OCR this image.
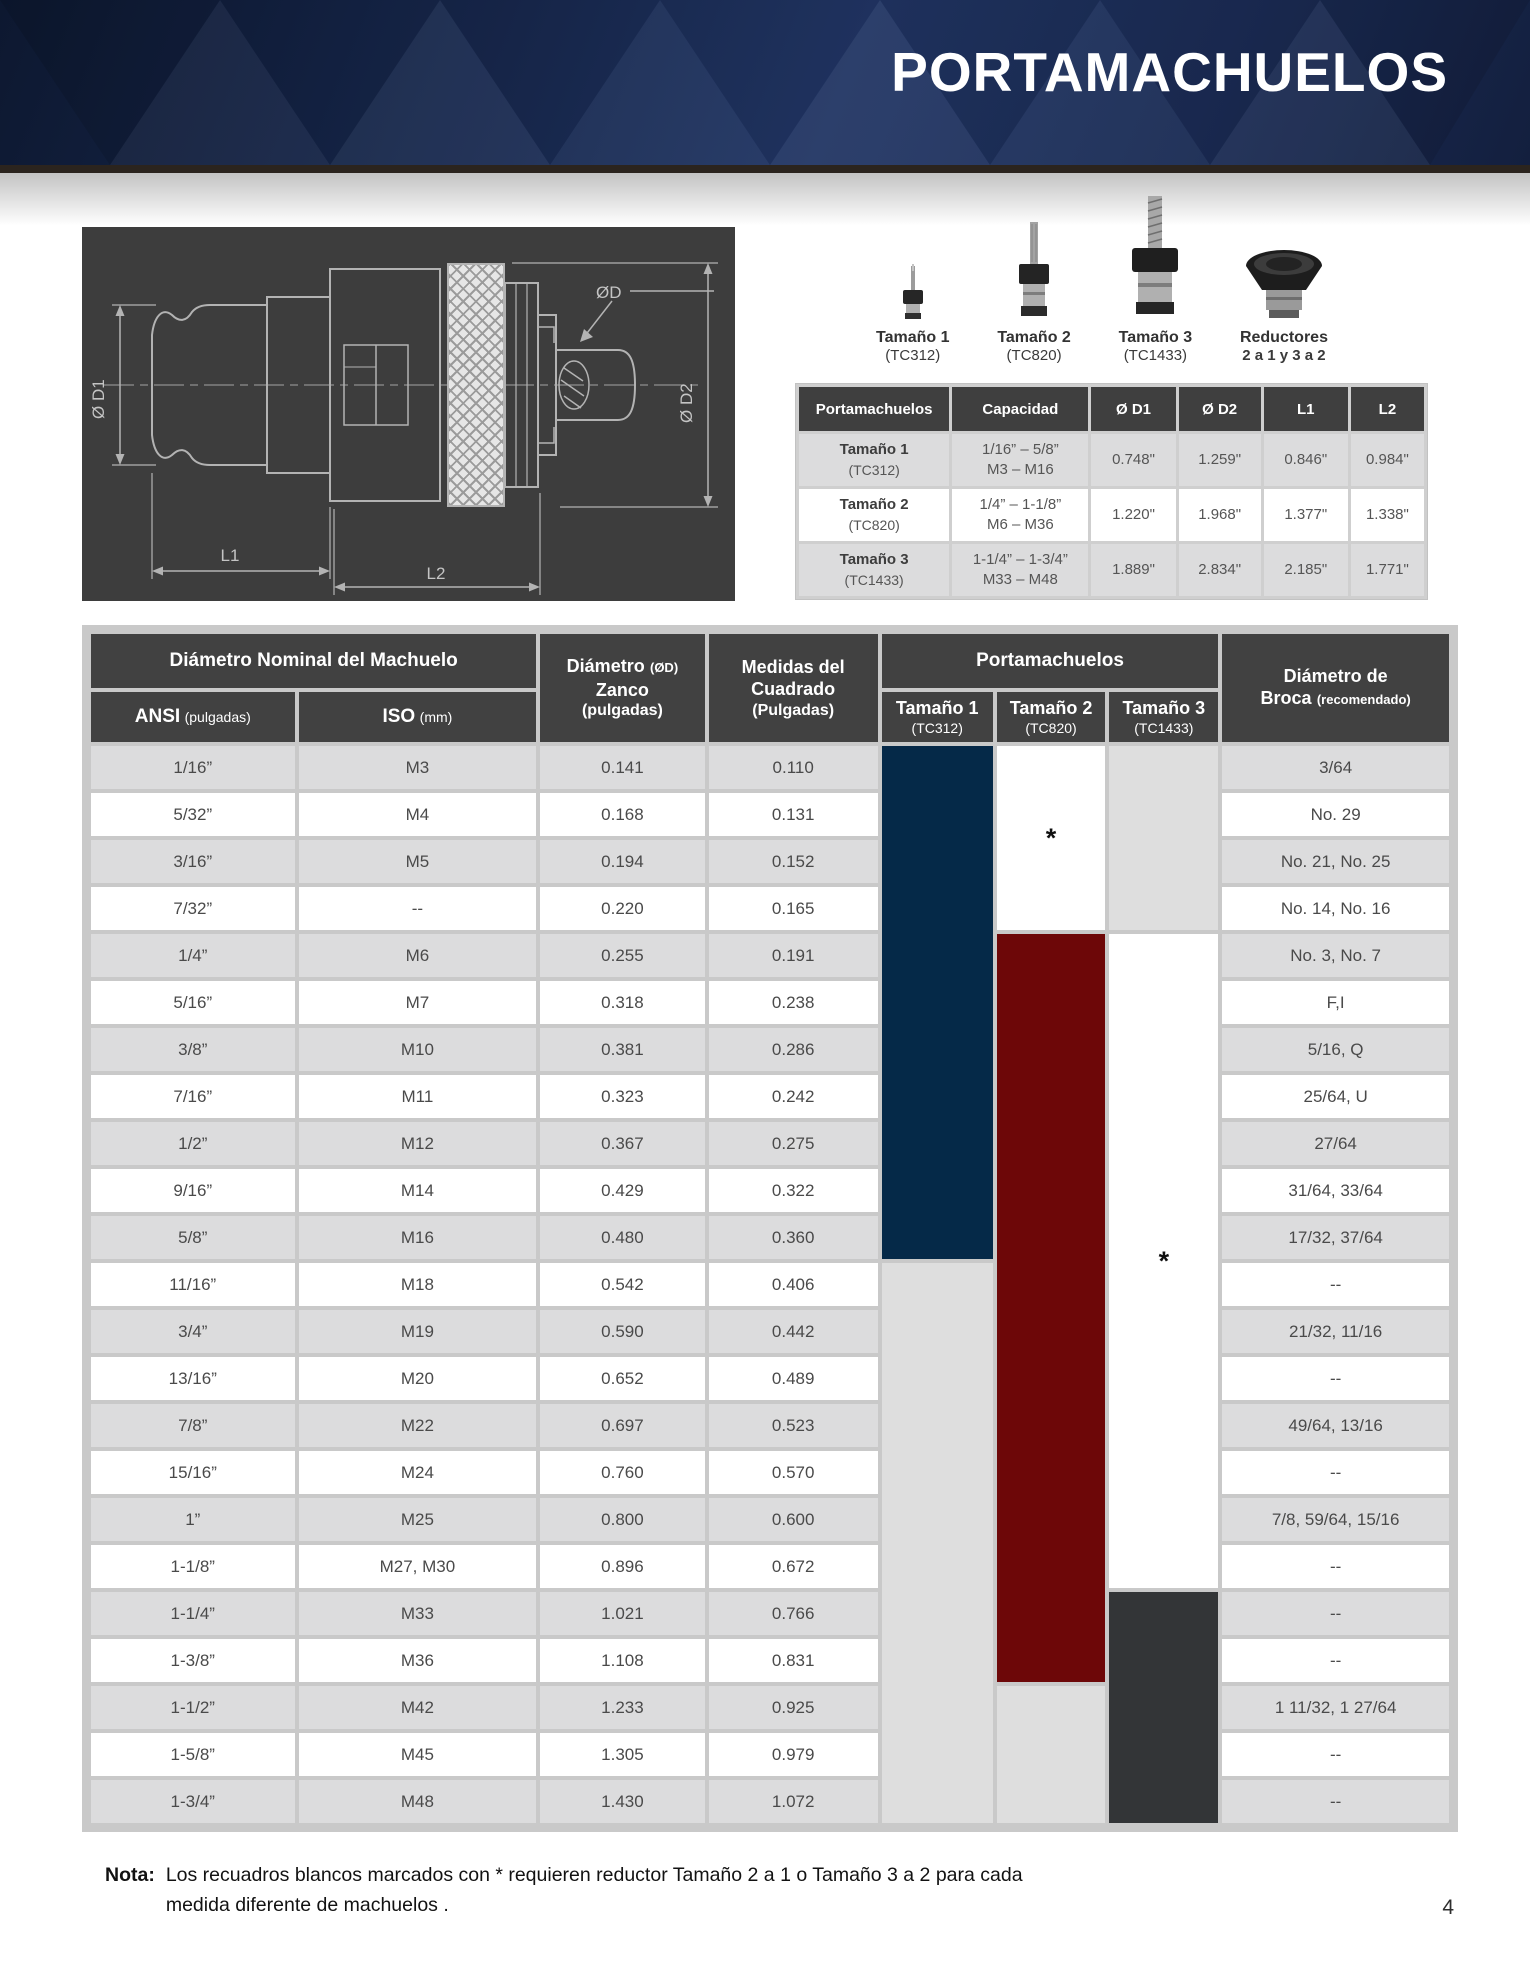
PORTAMACHUELOS
Ø D1	Ø D2
ØD
L1
L2
Tamaño 1
(TC312)
Tamaño 2
(TC820)
Tamaño 3
(TC1433)
Reductores
2 a 1 y 3 a 2
Portamachuelos	Capacidad	Ø D1	Ø D2	L1	L2

Tamaño 1
(TC312)

1/16” – 5/8”
M3 – M16
	0.748"	1.259"	0.846"	0.984"

Tamaño 2
(TC820)

1/4” – 1-1/8”
M6 – M36
	1.220"	1.968"	1.377"	1.338"

Tamaño 3
(TC1433)

1-1/4” – 1-3/4”
M33 – M48
	1.889"	2.834"	2.185"	1.771"
Diámetro Nominal del Machuelo	Diámetro (ØD)
Zanco
(pulgadas)

Medidas del
Cuadrado
(Pulgadas)
	Portamachuelos	
Diámetro de
Broca (recomendado)

ANSI (pulgadas)	ISO (mm)	Tamaño 1
(TC312)

Tamaño 2
(TC820)

Tamaño 3
(TC1433)

1/16”	M3	0.141	0.110		*		3/64
5/32”	M4	0.168	0.131				No. 29
3/16”	M5	0.194	0.152				No. 21, No. 25
7/32”	--	0.220	0.165				No. 14, No. 16
1/4”	M6	0.255	0.191			*	No. 3, No. 7
5/16”	M7	0.318	0.238				F,I
3/8”	M10	0.381	0.286				5/16, Q
7/16”	M11	0.323	0.242				25/64, U
1/2”	M12	0.367	0.275				27/64
9/16”	M14	0.429	0.322				31/64, 33/64
5/8”	M16	0.480	0.360				17/32, 37/64
11/16”	M18	0.542	0.406				--
3/4”	M19	0.590	0.442				21/32, 11/16
13/16”	M20	0.652	0.489				--
7/8”	M22	0.697	0.523				49/64, 13/16
15/16”	M24	0.760	0.570				--
1”	M25	0.800	0.600				7/8, 59/64, 15/16
1-1/8”	M27, M30	0.896	0.672				--
1-1/4”	M33	1.021	0.766				--
1-3/8”	M36	1.108	0.831				--
1-1/2”	M42	1.233	0.925				1 11/32, 1 27/64
1-5/8”	M45	1.305	0.979				--
1-3/4”	M48	1.430	1.072				--
Nota: Los recuadros blancos marcados con * requieren reductor Tamaño 2 a 1 o Tamaño 3 a 2 para cada
medida diferente de machuelos .	4
